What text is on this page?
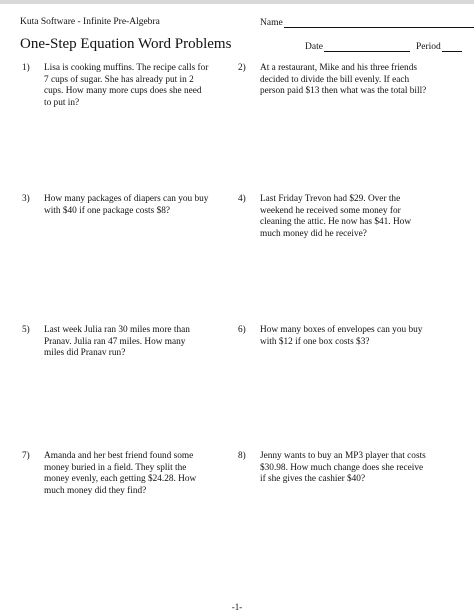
Kuta Software - Infinite Pre-Algebra	Name
One-Step Equation Word Problems	Date	Period
1)	Lisa is cooking muffins. The recipe calls for
7 cups of sugar. She has already put in 2
cups. How many more cups does she need
to put in?
2)	At a restaurant, Mike and his three friends
decided to divide the bill evenly. If each
person paid $13 then what was the total bill?
3)	How many packages of diapers can you buy
with $40 if one package costs $8?
4)	Last Friday Trevon had $29. Over the
weekend he received some money for
cleaning the attic. He now has $41. How
much money did he receive?
5)	Last week Julia ran 30 miles more than
Pranav. Julia ran 47 miles. How many
miles did Pranav run?
6)	How many boxes of envelopes can you buy
with $12 if one box costs $3?
7)	Amanda and her best friend found some
money buried in a field. They split the
money evenly, each getting $24.28. How
much money did they find?
8)	Jenny wants to buy an MP3 player that costs
$30.98. How much change does she receive
if she gives the cashier $40?
-1-
